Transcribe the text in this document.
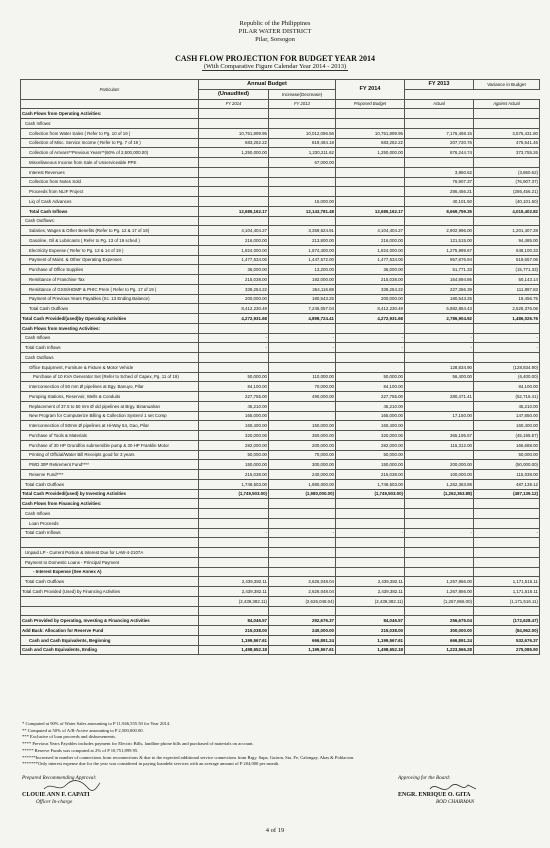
Republic of the Philippines
PILAR WATER DISTRICT
Pilar, Sorsogon
CASH FLOW PROJECTION FOR BUDGET YEAR 2014
(With Comparative Figure Calendar Year 2014 - 2013)
Particulars	Annual Budget		FY 2014	FY 2013	Variance in Budget

	(Unaudited)	Increase(Decrease)			
	FY 2014	FY 2013	Proposed Budget	Actual	Against Actual
Cash Flows from Operating Activities:					
Cash Inflows:					
Collection from Water Sales ( Refer to Pg. 10 of 19 )	10,751,899.95	10,012,086.56	10,751,899.95	7,176,468.15	3,575,431.80
Collection of Misc. Service Income ( Refer to Pg. 7 of 19 )	683,262.22	819,484.18	683,262.22	207,720.76	475,541.46
Collection of Arrears**Previous Years**(60% of 2,500,000.00)	1,250,000.00	1,230,211.62	1,250,000.00	876,244.74	373,755.26
Miscellaneous Income from Sale of Unserviceable PPE		67,000.00			
Interest Revenues				3,860.62	(3,860.62)
Collection from Notes Sold				76,907.37	(76,907.37)
Proceeds from NLIF Project				286,456.21	(286,456.21)
Liq of Cash Advances		15,000.00		40,101.50	(40,101.50)
Total Cash Inflows	12,685,162.17	12,143,781.48	12,685,162.17	8,669,759.35	4,015,402.82
Cash Outflows:					
Salaries, Wages & Other Benefits (Refer to Pg. 12 & 17 of 19)	4,104,404.27	3,359,624.91	4,104,404.27	2,902,996.00	1,201,407.28
Gasoline, Oil & Lubricants ( Refer to Pg. 13 of 19 sched )	216,000.00	213,800.00	216,000.00	121,515.00	94,485.00
Electricity Expense ( Refer to Pg. 13 & 14 of 19 )	1,824,000.00	1,574,400.00	1,824,000.00	1,275,899.67	548,100.33
Payment of Maint. & Other Operating Expenses	1,477,534.00	1,447,572.00	1,477,534.00	957,876.94	519,657.06
Purchase of Office Supplies	36,000.00	13,200.00	36,000.00	51,771.33	(15,771.33)
Remittance of Franchise Tax	215,038.00	192,000.00	215,038.00	164,894.86	50,143.14
Remittance of GSIS/HDMF & PHIC Prem ( Refer to Pg. 17 of 19 )	339,254.22	264,116.88	339,254.22	227,356.39	111,897.83
Payment of Previous Years Payables (Sc. 13 Ending Balance)	200,000.00	180,543.25	200,000.00	180,543.25	19,456.75
Total Cash Outflows	8,412,230.49	7,245,057.04	8,412,230.49	5,882,854.43	2,529,376.06
Total Cash Provided/(used)by Operating Activities	4,272,931.68	4,898,724.41	4,272,931.68	2,786,904.92	1,486,026.76
Cash Flows from Investing Activities:					
Cash Inflows	-	-	-	-	-
Total Cash Inflows	-	-	-	-	-
Cash Outflows					
Office Equipment, Furniture & Fixture & Motor Vehicle				128,834.90	(128,834.90)
Purchase of 10 KVA Generator Set (Refer to Sched of Capex, Pg. 11 of 19)	50,000.00	110,000.00	50,000.00	56,400.00	(6,400.00)
Interconnection of 50 mm Ø pipelines at Bgy. Banuyo, Pilar	84,100.00	70,000.00	84,100.00		84,100.00
Pumping Stations, Reservoir, Wells & Conduits	227,755.00	490,000.00	227,755.00	280,471.41	(52,716.41)
Replacement of 37.5 to 50 mm Ø old pipelines at Brgy. Binanuahan	45,210.00		45,210.00		45,210.00
New Program for Computerize Billing & Collection System/ 1 set Comp	165,000.00		165,000.00	17,150.00	147,850.00
Interconnection of 50mm Ø pipelines at Hi-Way 54, Gao, Pilar	160,400.00	150,000.00	160,400.00		160,400.00
Purchase of Tools & Materials	320,000.00	350,000.00	320,000.00	365,195.57	(45,195.57)
Purchase of 30 HP Grundfos submersible pump & 30 HP Franklin Motor	282,000.00	200,000.00	282,000.00	115,312.00	166,688.00
Printing of Official/Water Bill Receipts good for 3 years	50,000.00	70,000.00	50,000.00		50,000.00
PWD 30P Retirement Fund****	150,000.00	300,000.00	150,000.00	200,000.00	(50,000.00)
Reserve Fund****	215,038.00	240,000.00	215,038.00	100,000.00	115,038.00
Total Cash Outflows	1,749,503.00	1,980,000.00	1,749,503.00	1,262,363.88	487,139.12
Total Cash Provided/(used) by Investing Activities	(1,749,503.00)	(1,980,000.00)	(1,749,503.00)	(1,262,363.88)	(487,139.12)
Cash Flows from Financing Activities:					
Cash Inflows					
Loan Proceeds					
Total Cash Inflows	-	-	-	-	-

Unpaid LP - Current Portion & Interest Due for LAW-4-2107A					
Payment to Domestic Loans - Principal Payment					
- Interest Expense (See Annex A)					
Total Cash Outflows	2,439,382.11	2,626,048.04	2,439,382.11	1,267,866.00	1,171,516.11
Total Cash Provided (Used) by Financing Activities	2,439,382.11	2,626,048.04	2,439,382.11	1,267,866.00	1,171,516.11
	(2,439,382.11)	(2,626,048.04)	(2,439,382.11)	(1,267,866.00)	(1,171,516.11)

Cash Provided by Operating, Investing & Financing Activities	84,046.57	292,676.37	84,046.57	256,675.04	(172,628.47)
Add Back: Allocation for Reserve Fund	215,038.00	240,000.00	215,038.00	300,000.00	(84,962.00)
Cash and Cash Equivalents, Beginning	1,199,567.61	666,891.24	1,199,567.61	666,891.24	532,676.37
Cash and Cash Equivalents, Ending	1,498,652.18	1,199,567.61	1,498,652.18	1,223,566.28	275,085.90
* Computed at 90% of Water Sales amounting to P 11,946,555.50 for Year 2014.
** Computed at 50% of A/R-Active amounting to P 2,500,000.00.
*** Exclusive of loan proceeds and disbursements.
**** Previous Years Payables includes payment for Electric Bills, landline phone bills and purchased of materials on account.
***** Reserve Funds was computed at 2% of P 10,751,899.95.
******Increased in number of connections from reconnections & due to the expected additional service connections from Brgy. Sapa, Guiron, Sta. Fe, Calongay, Abas & Poblacion.
*******Only interest expense due for the year was considered in paying loandebt services with an average amount of P 204,000 per month.
Prepared Recommending Approval:
CLOUIE ANN F. CAPATI
Officer In-charge
Approving for the Board:
ENGR. ENRIQUE O. GITA
BOD CHAIRMAN
4 of 19
